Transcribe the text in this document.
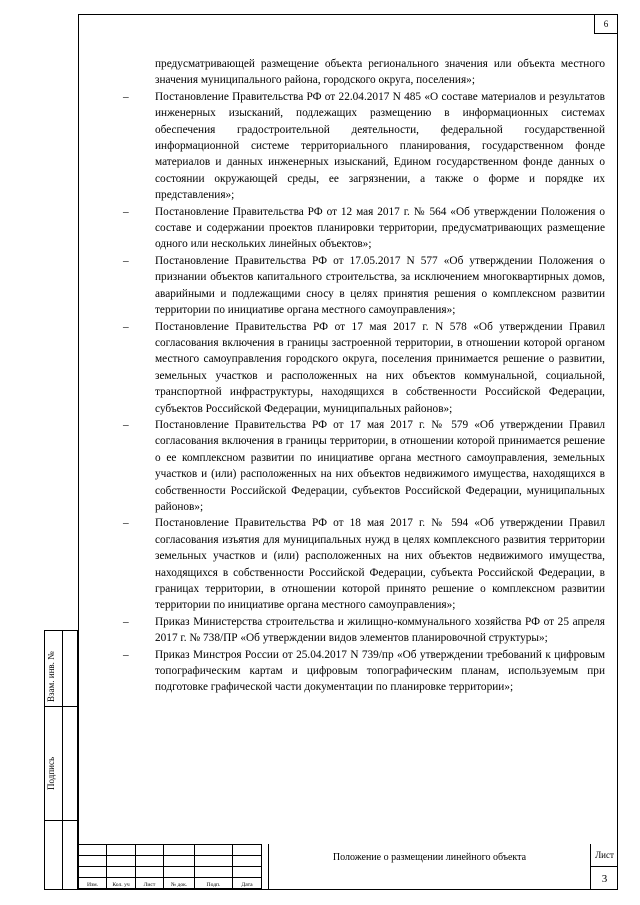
6

предусматривающей размещение объекта регионального значения или объекта местного значения муниципального района, городского округа, поселения»;

– Постановление Правительства РФ от 22.04.2017 N 485 «О составе материалов и результатов инженерных изысканий, подлежащих размещению в информационных системах обеспечения градостроительной деятельности, федеральной государственной информационной системе территориального планирования, государственном фонде материалов и данных инженерных изысканий, Едином государственном фонде данных о состоянии окружающей среды, ее загрязнении, а также о форме и порядке их представления»;
– Постановление Правительства РФ от 12 мая 2017 г. № 564 «Об утверждении Положения о составе и содержании проектов планировки территории, предусматривающих размещение одного или нескольких линейных объектов»;
– Постановление Правительства РФ от 17.05.2017 N 577 «Об утверждении Положения о признании объектов капитального строительства, за исключением многоквартирных домов, аварийными и подлежащими сносу в целях принятия решения о комплексном развитии территории по инициативе органа местного самоуправления»;
– Постановление Правительства РФ от 17 мая 2017 г. N 578 «Об утверждении Правил согласования включения в границы застроенной территории, в отношении которой органом местного самоуправления городского округа, поселения принимается решение о развитии, земельных участков и расположенных на них объектов коммунальной, социальной, транспортной инфраструктуры, находящихся в собственности Российской Федерации, субъектов Российской Федерации, муниципальных районов»;
– Постановление Правительства РФ от 17 мая 2017 г. № 579 «Об утверждении Правил согласования включения в границы территории, в отношении которой принимается решение о ее комплексном развитии по инициативе органа местного самоуправления, земельных участков и (или) расположенных на них объектов недвижимого имущества, находящихся в собственности Российской Федерации, субъектов Российской Федерации, муниципальных районов»;
– Постановление Правительства РФ от 18 мая 2017 г. № 594 «Об утверждении Правил согласования изъятия для муниципальных нужд в целях комплексного развития территории земельных участков и (или) расположенных на них объектов недвижимого имущества, находящихся в собственности Российской Федерации, субъекта Российской Федерации, в границах территории, в отношении которой принято решение о комплексном развитии территории по инициативе органа местного самоуправления»;
– Приказ Министерства строительства и жилищно-коммунального хозяйства РФ от 25 апреля 2017 г. № 738/ПР «Об утверждении видов элементов планировочной структуры»;
– Приказ Минстроя России от 25.04.2017 N 739/пр «Об утверждении требований к цифровым топографическим картам и цифровым топографическим планам, используемым при подготовке графической части документации по планировке территории»;
Взам. инв. №
Подпись

Изм.	Кол. уч	Лист	№ док.	Подп.	Дата
Положение о размещении линейного объекта	Лист
3
